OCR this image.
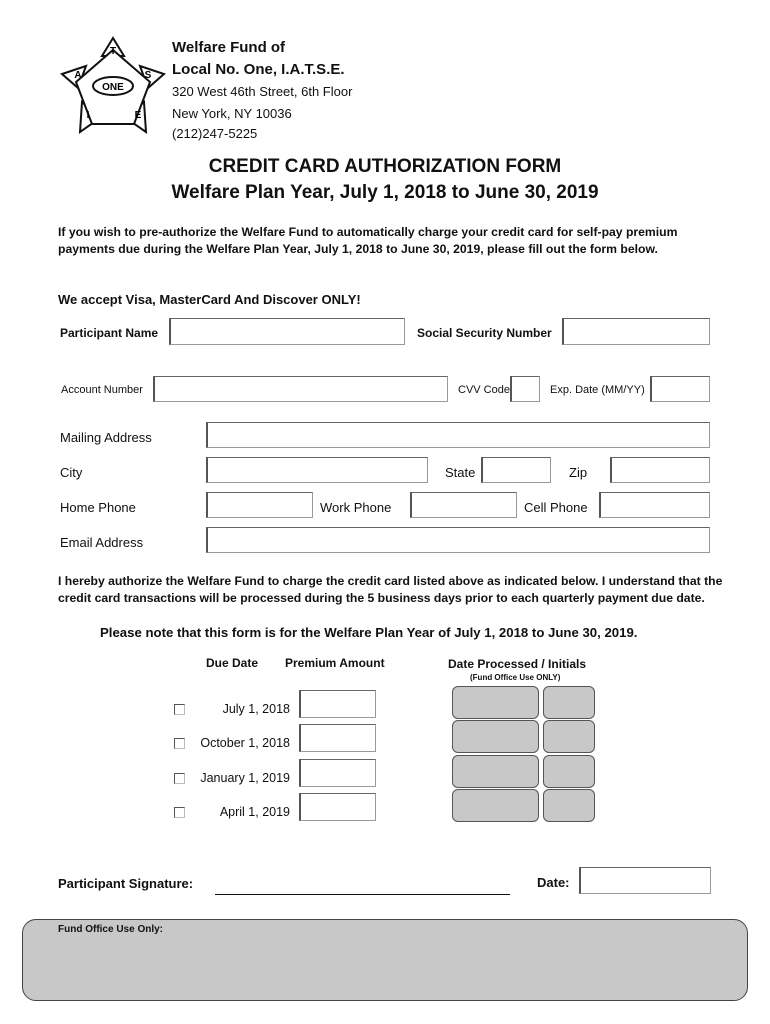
T
S
E
I
A
ONE
Welfare Fund of
Local No. One, I.A.T.S.E.
320 West 46th Street, 6th Floor
New York, NY 10036
(212)247-5225
CREDIT CARD AUTHORIZATION FORM
Welfare Plan Year, July 1, 2018 to June 30, 2019
If you wish to pre-authorize the Welfare Fund to automatically charge your credit card for self-pay premium payments due during the Welfare Plan Year, July 1, 2018 to June 30, 2019, please fill out the form below.
We accept Visa, MasterCard And Discover ONLY!
Participant Name	Social Security Number
Account Number	CVV Code	Exp. Date (MM/YY)
Mailing Address
City	State	Zip
Home Phone	Work Phone	Cell Phone
Email Address
I hereby authorize the Welfare Fund to charge the credit card listed above as indicated below. I understand that the credit card transactions will be processed during the 5 business days prior to each quarterly payment due date.
Please note that this form is for the Welfare Plan Year of July 1, 2018 to June 30, 2019.
Due Date Premium Amount	Date Processed / Initials
(Fund Office Use ONLY)
July 1, 2018
October 1, 2018
January 1, 2019
April 1, 2019
Participant Signature:	Date:
Fund Office Use Only:
